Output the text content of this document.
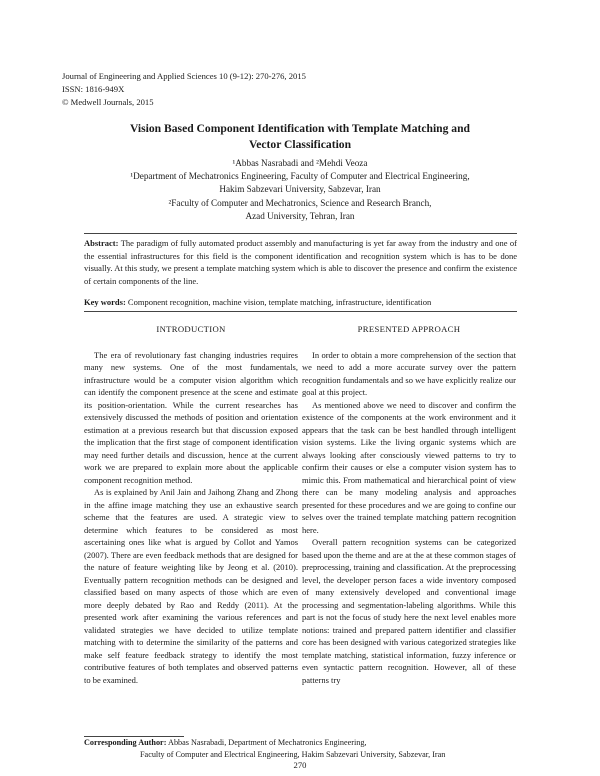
Journal of Engineering and Applied Sciences 10 (9-12): 270-276, 2015
ISSN: 1816-949X
© Medwell Journals, 2015
Vision Based Component Identification with Template Matching and
Vector Classification
¹Abbas Nasrabadi and ²Mehdi Veoza
¹Department of Mechatronics Engineering, Faculty of Computer and Electrical Engineering,
Hakim Sabzevari University, Sabzevar, Iran
²Faculty of Computer and Mechatronics, Science and Research Branch,
Azad University, Tehran, Iran
Abstract: The paradigm of fully automated product assembly and manufacturing is yet far away from the industry and one of the essential infrastructures for this field is the component identification and recognition system which is has to be done visually. At this study, we present a template matching system which is able to discover the presence and confirm the existence of certain components of the line.
Key words: Component recognition, machine vision, template matching, infrastructure, identification
INTRODUCTION

The era of revolutionary fast changing industries requires many new systems. One of the most fundamentals, infrastructure would be a computer vision algorithm which can identify the component presence at the scene and estimate its position-orientation. While the current researches has extensively discussed the methods of position and orientation estimation at a previous research but that discussion exposed the implication that the first stage of component identification may need further details and discussion, hence at the current work we are prepared to explain more about the applicable component recognition method.

As is explained by Anil Jain and Jaihong Zhang and Zhong in the affine image matching they use an exhaustive search scheme that the features are used. A strategic view to determine which features to be considered as most ascertaining ones like what is argued by Collot and Yamos (2007). There are even feedback methods that are designed for the nature of feature weighting like by Jeong et al. (2010). Eventually pattern recognition methods can be designed and classified based on many aspects of those which are even more deeply debated by Rao and Reddy (2011). At the presented work after examining the various references and validated strategies we have decided to utilize template matching with to determine the similarity of the patterns and make self feature feedback strategy to identify the most contributive features of both templates and observed patterns to be examined.

PRESENTED APPROACH

In order to obtain a more comprehension of the section that we need to add a more accurate survey over the pattern recognition fundamentals and so we have explicitly realize our goal at this project.

As mentioned above we need to discover and confirm the existence of the components at the work environment and it appears that the task can be best handled through intelligent vision systems. Like the living organic systems which are always looking after consciously viewed patterns to try to confirm their causes or else a computer vision system has to mimic this. From mathematical and hierarchical point of view there can be many modeling analysis and approaches presented for these procedures and we are going to confine our selves over the trained template matching pattern recognition here.

Overall pattern recognition systems can be categorized based upon the theme and are at the at these common stages of preprocessing, training and classification. At the preprocessing level, the developer person faces a wide inventory composed of many extensively developed and conventional image processing and segmentation-labeling algorithms. While this part is not the focus of study here the next level enables more notions: trained and prepared pattern identifier and classifier core has been designed with various categorized strategies like template matching, statistical information, fuzzy inference or even syntactic pattern recognition. However, all of these patterns try

Corresponding Author: Abbas Nasrabadi, Department of Mechatronics Engineering,
Faculty of Computer and Electrical Engineering, Hakim Sabzevari University, Sabzevar, Iran
270
